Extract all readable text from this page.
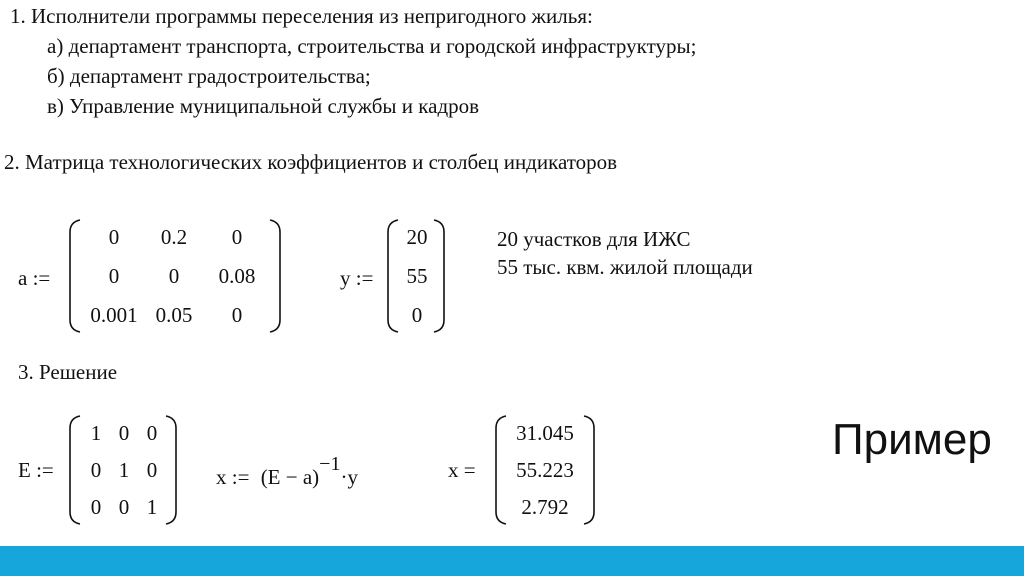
1. Исполнители программы переселения из непригодного жилья:
а) департамент транспорта, строительства и городской инфраструктуры;
б) департамент градостроительства;
в) Управление муниципальной службы и кадров
2. Матрица технологических коэффициентов и столбец индикаторов
a :=
0 0.2 0
0 0 0.08
0.001 0.05 0
y :=
20
55
0
20 участков для ИЖС
55 тыс. квм. жилой площади
3. Решение
E :=
1 0 0
0 1 0
0 0 1
x := $(E - a)^{-1}\cdot y$	x =
31.045
55.223
2.792
Пример
